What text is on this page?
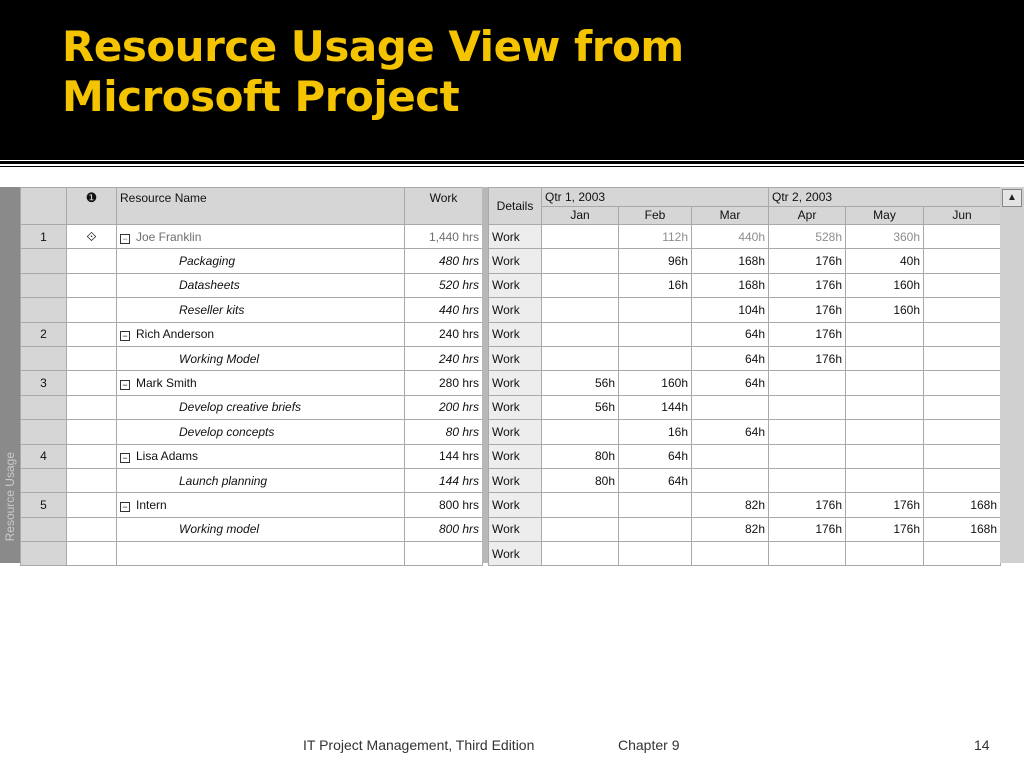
Resource Usage View from
Microsoft Project
Resource Usage
	❶	Resource Name	Work
1	⟐	− Joe Franklin	1,440 hrs
		Packaging	480 hrs
		Datasheets	520 hrs
		Reseller kits	440 hrs
2		− Rich Anderson	240 hrs
		Working Model	240 hrs
3		− Mark Smith	280 hrs
		Develop creative briefs	200 hrs
		Develop concepts	80 hrs
4		− Lisa Adams	144 hrs
		Launch planning	144 hrs
5		− Intern	800 hrs
		Working model	800 hrs

Details	Qtr 1, 2003			Qtr 2, 2003		
	Jan	Feb	Mar	Apr	May	Jun
Work		112h	440h	528h	360h	
Work		96h	168h	176h	40h	
Work		16h	168h	176h	160h	
Work			104h	176h	160h	
Work			64h	176h		
Work			64h	176h		
Work	56h	160h	64h			
Work	56h	144h				
Work		16h	64h			
Work	80h	64h				
Work	80h	64h				
Work			82h	176h	176h	168h
Work			82h	176h	176h	168h
Work						
▲
IT Project Management, Third Edition	Chapter 9	14
